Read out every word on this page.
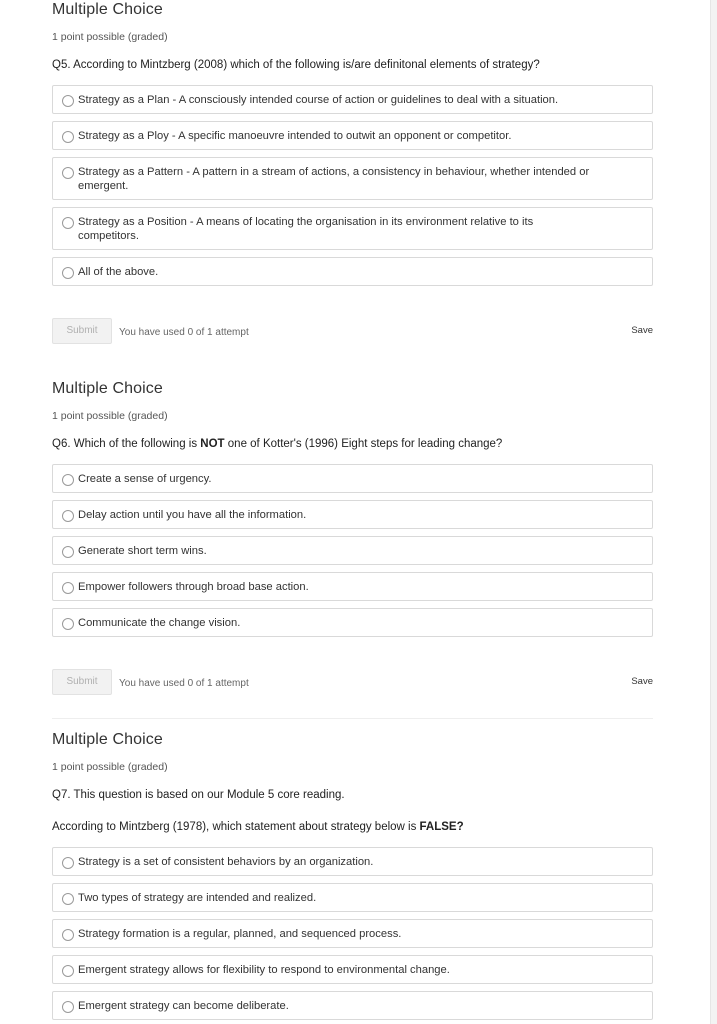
Multiple Choice
1 point possible (graded)
Q5. According to Mintzberg (2008) which of the following is/are definitonal elements of strategy?
Strategy as a Plan - A consciously intended course of action or guidelines to deal with a situation.
Strategy as a Ploy - A specific manoeuvre intended to outwit an opponent or competitor.
Strategy as a Pattern - A pattern in a stream of actions, a consistency in behaviour, whether intended or emergent.
Strategy as a Position - A means of locating the organisation in its environment relative to its competitors.
All of the above.
Submit	You have used 0 of 1 attempt	Save
Multiple Choice
1 point possible (graded)
Q6. Which of the following is NOT one of Kotter's (1996) Eight steps for leading change?
Create a sense of urgency.
Delay action until you have all the information.
Generate short term wins.
Empower followers through broad base action.
Communicate the change vision.
Submit	You have used 0 of 1 attempt	Save
Multiple Choice
1 point possible (graded)
Q7. This question is based on our Module 5 core reading.
According to Mintzberg (1978), which statement about strategy below is FALSE?
Strategy is a set of consistent behaviors by an organization.
Two types of strategy are intended and realized.
Strategy formation is a regular, planned, and sequenced process.
Emergent strategy allows for flexibility to respond to environmental change.
Emergent strategy can become deliberate.
